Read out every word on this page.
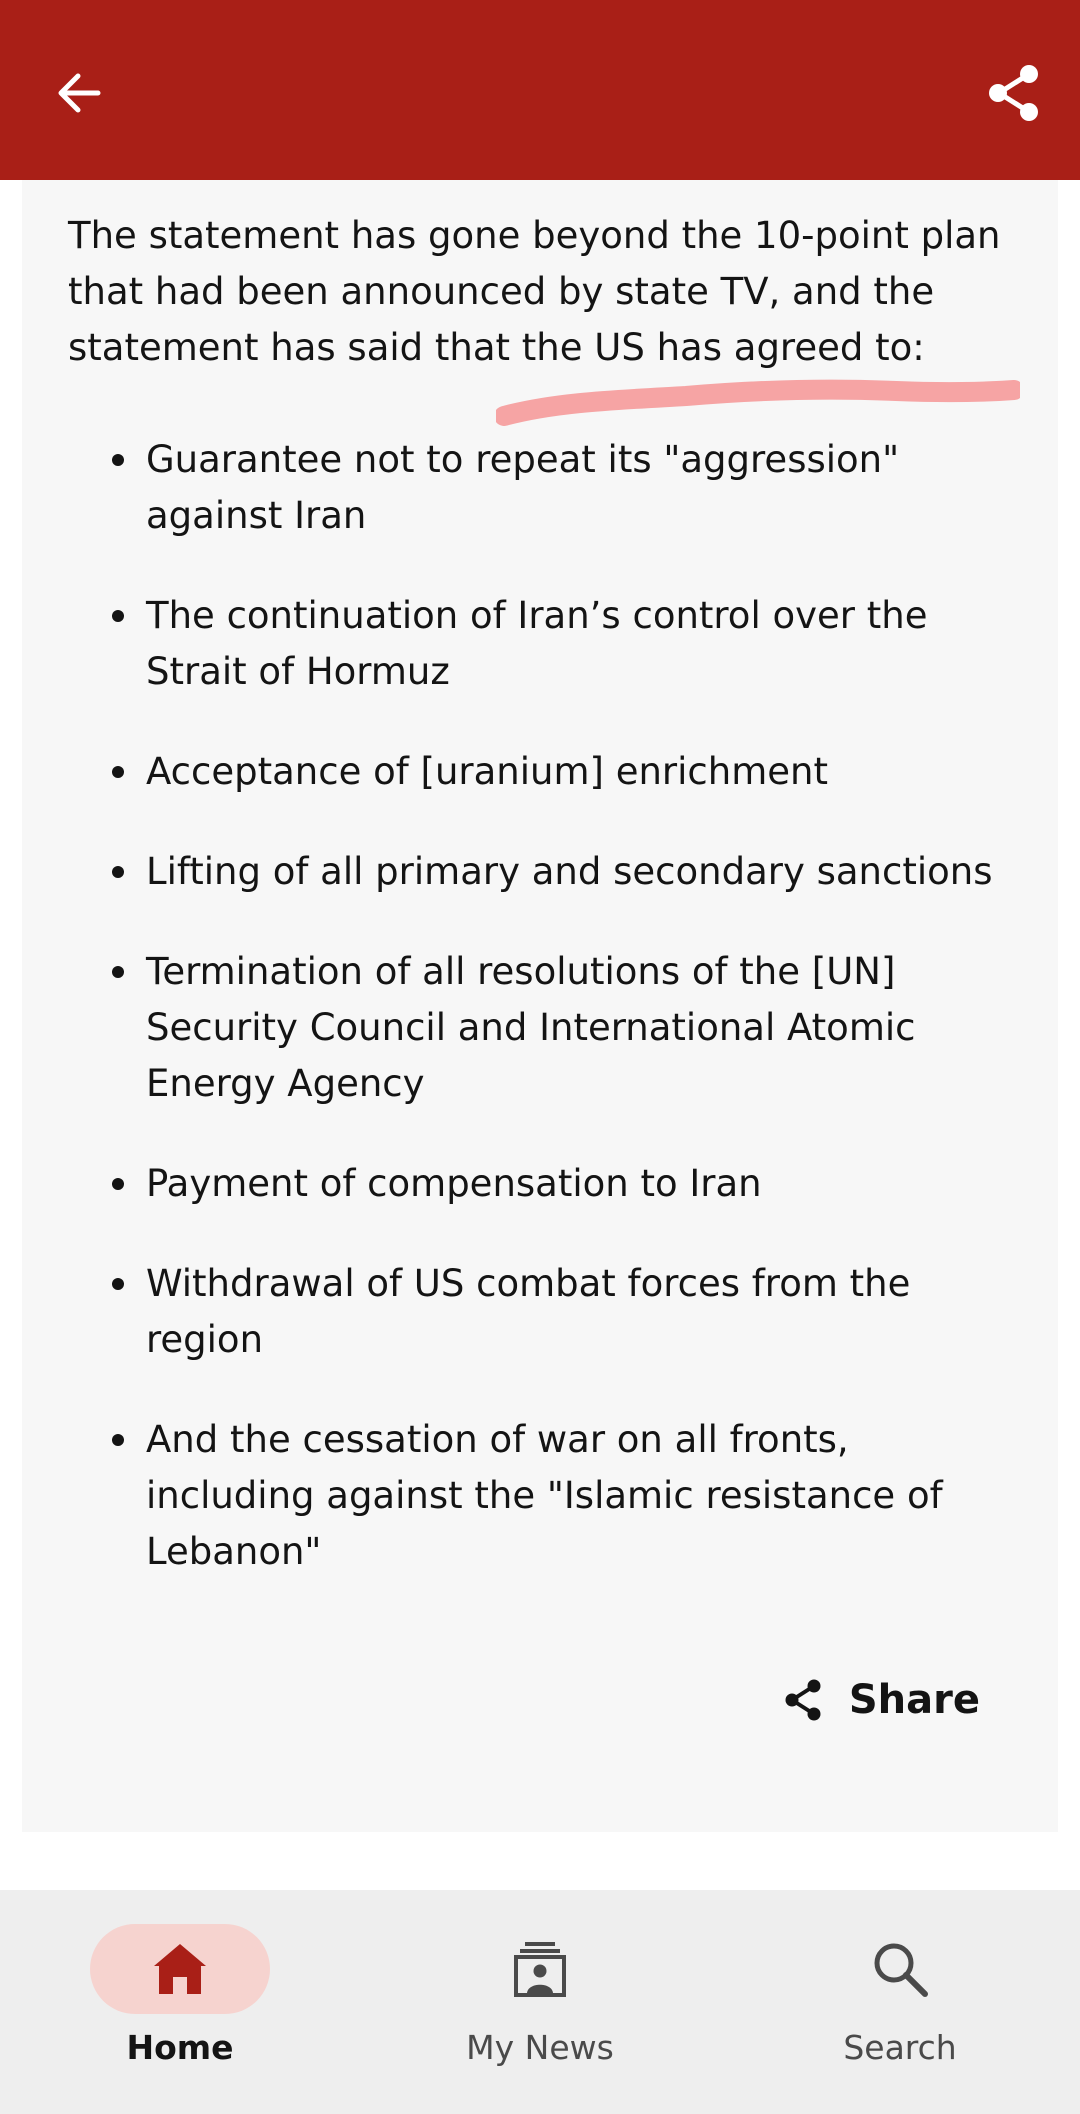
The statement has gone beyond the 10-point plan that had been announced by state TV, and the statement has said that the US has agreed to:

Guarantee not to repeat its "aggression" against Iran
The continuation of Iran’s control over the Strait of Hormuz
Acceptance of [uranium] enrichment
Lifting of all primary and secondary sanctions
Termination of all resolutions of the [UN] Security Council and International Atomic Energy Agency
Payment of compensation to Iran
Withdrawal of US combat forces from the region
And the cessation of war on all fronts, including against the "Islamic resistance of Lebanon"
Share
Home	My News	Search
